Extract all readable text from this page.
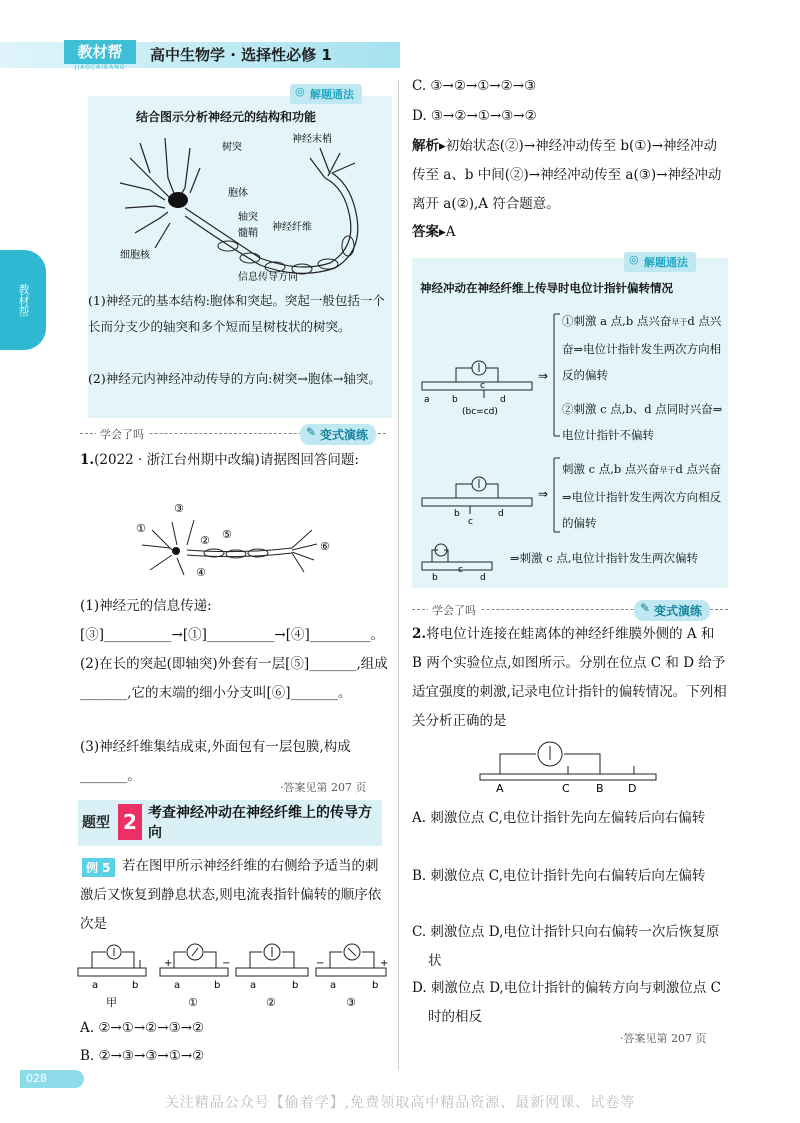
教材帮
JIAOCAIBANG
高中生物学 · 选择性必修 1
教材帮
◎ 解题通法
结合图示分析神经元的结构和功能
树突
神经末梢
胞体
轴突
髓鞘
神经纤维
细胞核
信息传导方向
(1)神经元的基本结构:胞体和突起。突起一般包括一个长而分支少的轴突和多个短而呈树枝状的树突。
(2)神经元内神经冲动传导的方向:树突→胞体→轴突。
学会了吗	✎ 变式演练
1.(2022 · 浙江台州期中改编)请据图回答问题:
①
②
③
④
⑤
⑥
(1)神经元的信息传递:[③]__________→[①]__________→[④]_________。
(2)在长的突起(即轴突)外套有一层[⑤]_______,组成_______,它的末端的细小分支叫[⑥]_______。
(3)神经纤维集结成束,外面包有一层包膜,构成_______。
·答案见第 207 页
题型 2 考查神经冲动在神经纤维上的传导方向
例 5 若在图甲所示神经纤维的右侧给予适当的刺激后又恢复到静息状态,则电流表指针偏转的顺序依次是
a	b	a	b	a	b	a	b
+	−	−	+
甲	①	②	③
A. ②→①→②→③→②
B. ②→③→③→①→②
C. ③→②→①→②→③
D. ③→②→①→③→②
解析▸初始状态(②)→神经冲动传至 b(①)→神经冲动传至 a、b 中间(②)→神经冲动传至 a(③)→神经冲动离开 a(②),A 符合题意。
答案▸A
◎ 解题通法
神经冲动在神经纤维上传导时电位计指针偏转情况
a b
c
d
(bc=cd)
b
c
d
b
c
d
⇒
⇒
①刺激 a 点,b 点兴奋早于d 点兴奋⇒电位计指针发生两次方向相反的偏转
②刺激 c 点,b、d 点同时兴奋⇒电位计指针不偏转
刺激 c 点,b 点兴奋早于d 点兴奋⇒电位计指针发生两次方向相反的偏转
⇒刺激 c 点,电位计指针发生两次偏转
学会了吗	✎ 变式演练
2.将电位计连接在蛙离体的神经纤维膜外侧的 A 和 B 两个实验位点,如图所示。分别在位点 C 和 D 给予适宜强度的刺激,记录电位计指针的偏转情况。下列相关分析正确的是
A	C B D
A. 刺激位点 C,电位计指针先向左偏转后向右偏转
B. 刺激位点 C,电位计指针先向右偏转后向左偏转
C. 刺激位点 D,电位计指针只向右偏转一次后恢复原状
D. 刺激位点 D,电位计指针的偏转方向与刺激位点 C 时的相反
·答案见第 207 页
028
关注精品公众号【偷着学】,免费领取高中精品资源、最新网课、试卷等
